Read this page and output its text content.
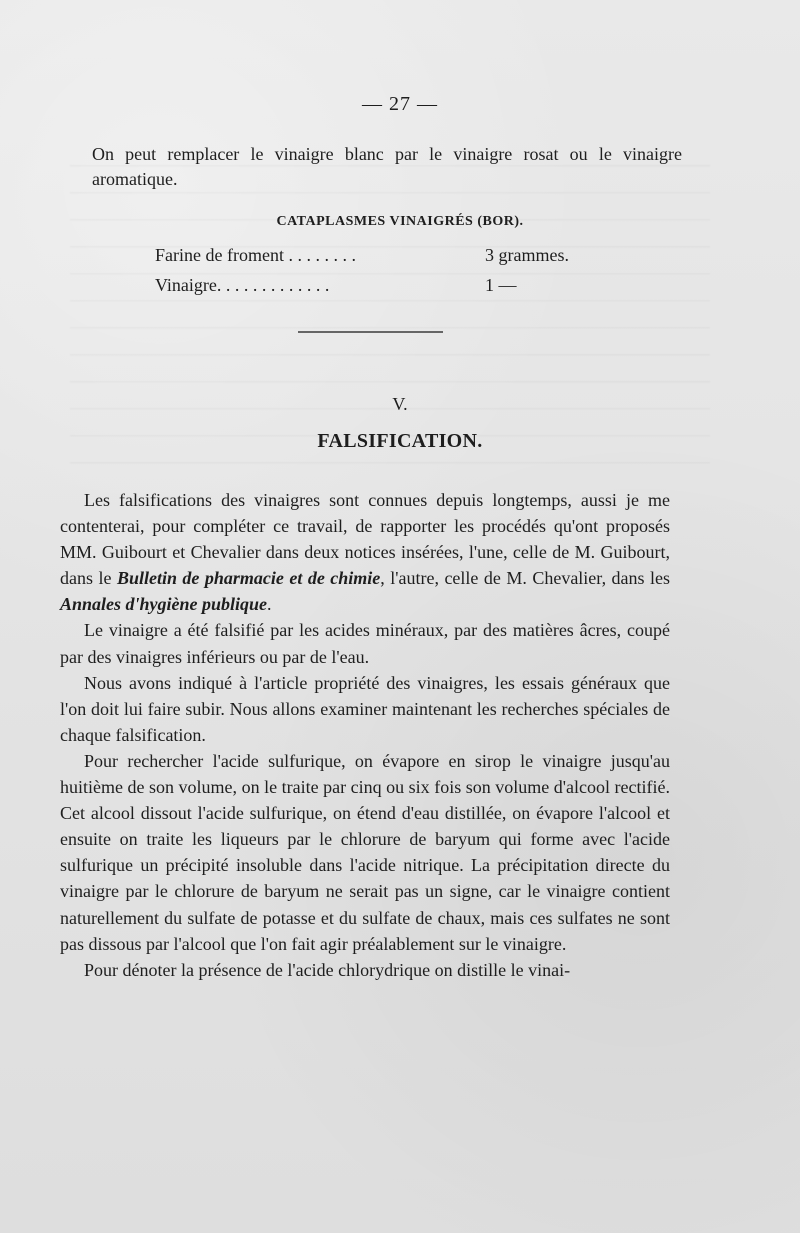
— 27 —
On peut remplacer le vinaigre blanc par le vinaigre rosat ou le vinaigre aromatique.
CATAPLASMES VINAIGRÉS (BOR).
Farine de froment . . . . . . . .	3 grammes.
Vinaigre. . . . . . . . . . . . .	1 —
V.
FALSIFICATION.

Les falsifications des vinaigres sont connues depuis longtemps, aussi je me contenterai, pour compléter ce travail, de rapporter les procédés qu'ont proposés MM. Guibourt et Chevalier dans deux notices insérées, l'une, celle de M. Guibourt, dans le Bulletin de pharmacie et de chimie, l'autre, celle de M. Chevalier, dans les Annales d'hygiène publique.

Le vinaigre a été falsifié par les acides minéraux, par des matières âcres, coupé par des vinaigres inférieurs ou par de l'eau.

Nous avons indiqué à l'article propriété des vinaigres, les essais généraux que l'on doit lui faire subir. Nous allons examiner maintenant les recherches spéciales de chaque falsification.

Pour rechercher l'acide sulfurique, on évapore en sirop le vinaigre jusqu'au huitième de son volume, on le traite par cinq ou six fois son volume d'alcool rectifié. Cet alcool dissout l'acide sulfurique, on étend d'eau distillée, on évapore l'alcool et ensuite on traite les liqueurs par le chlorure de baryum qui forme avec l'acide sulfurique un précipité insoluble dans l'acide nitrique. La précipitation directe du vinaigre par le chlorure de baryum ne serait pas un signe, car le vinaigre contient naturellement du sulfate de potasse et du sulfate de chaux, mais ces sulfates ne sont pas dissous par l'alcool que l'on fait agir préalablement sur le vinaigre.

Pour dénoter la présence de l'acide chlorydrique on distille le vinai-
